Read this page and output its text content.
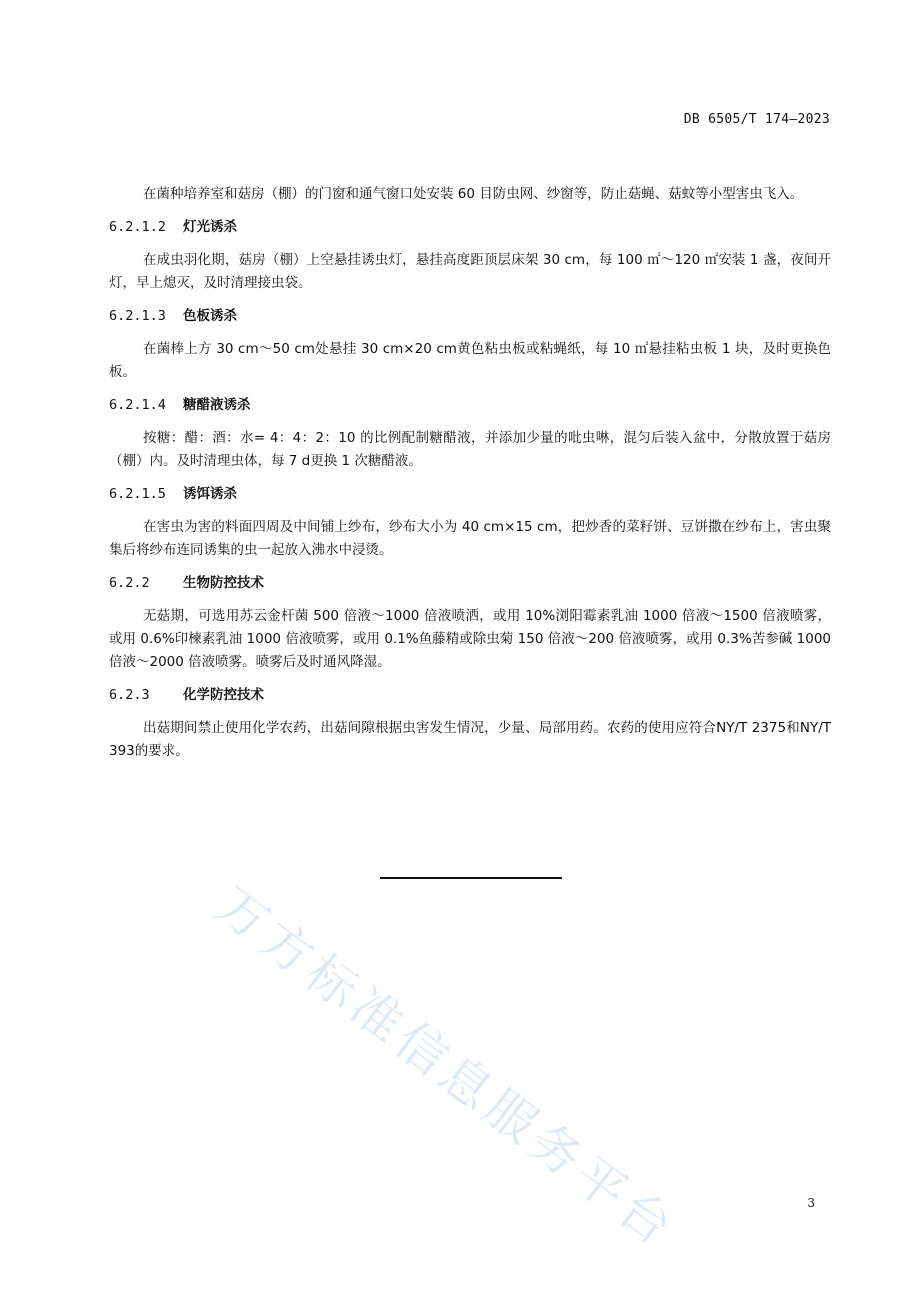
DB 6505/T 174—2023

在菌种培养室和菇房（棚）的门窗和通气窗口处安装 60 目防虫网、纱窗等，防止菇蝇、菇蚊等小型害虫飞入。

6.2.1.2 灯光诱杀

在成虫羽化期，菇房（棚）上空悬挂诱虫灯，悬挂高度距顶层床架 30 cm，每 100 ㎡～120 ㎡安装 1 盏，夜间开灯，早上熄灭，及时清理接虫袋。

6.2.1.3 色板诱杀

在菌棒上方 30 cm～50 cm处悬挂 30 cm×20 cm黄色粘虫板或粘蝇纸，每 10 ㎡悬挂粘虫板 1 块，及时更换色板。

6.2.1.4 糖醋液诱杀

按糖：醋：酒：水= 4：4：2：10 的比例配制糖醋液，并添加少量的吡虫啉，混匀后装入盆中，分散放置于菇房（棚）内。及时清理虫体，每 7 d更换 1 次糖醋液。

6.2.1.5 诱饵诱杀

在害虫为害的料面四周及中间铺上纱布，纱布大小为 40 cm×15 cm，把炒香的菜籽饼、豆饼撒在纱布上，害虫聚集后将纱布连同诱集的虫一起放入沸水中浸烫。

6.2.2 生物防控技术

无菇期，可选用苏云金杆菌 500 倍液～1000 倍液喷洒，或用 10%浏阳霉素乳油 1000 倍液～1500 倍液喷雾，或用 0.6%印楝素乳油 1000 倍液喷雾，或用 0.1%鱼藤精或除虫菊 150 倍液～200 倍液喷雾，或用 0.3%苦参碱 1000 倍液～2000 倍液喷雾。喷雾后及时通风降湿。

6.2.3 化学防控技术

出菇期间禁止使用化学农药，出菇间隙根据虫害发生情况，少量、局部用药。农药的使用应符合NY/T 2375和NY/T 393的要求。

万方标准信息服务平台	3
